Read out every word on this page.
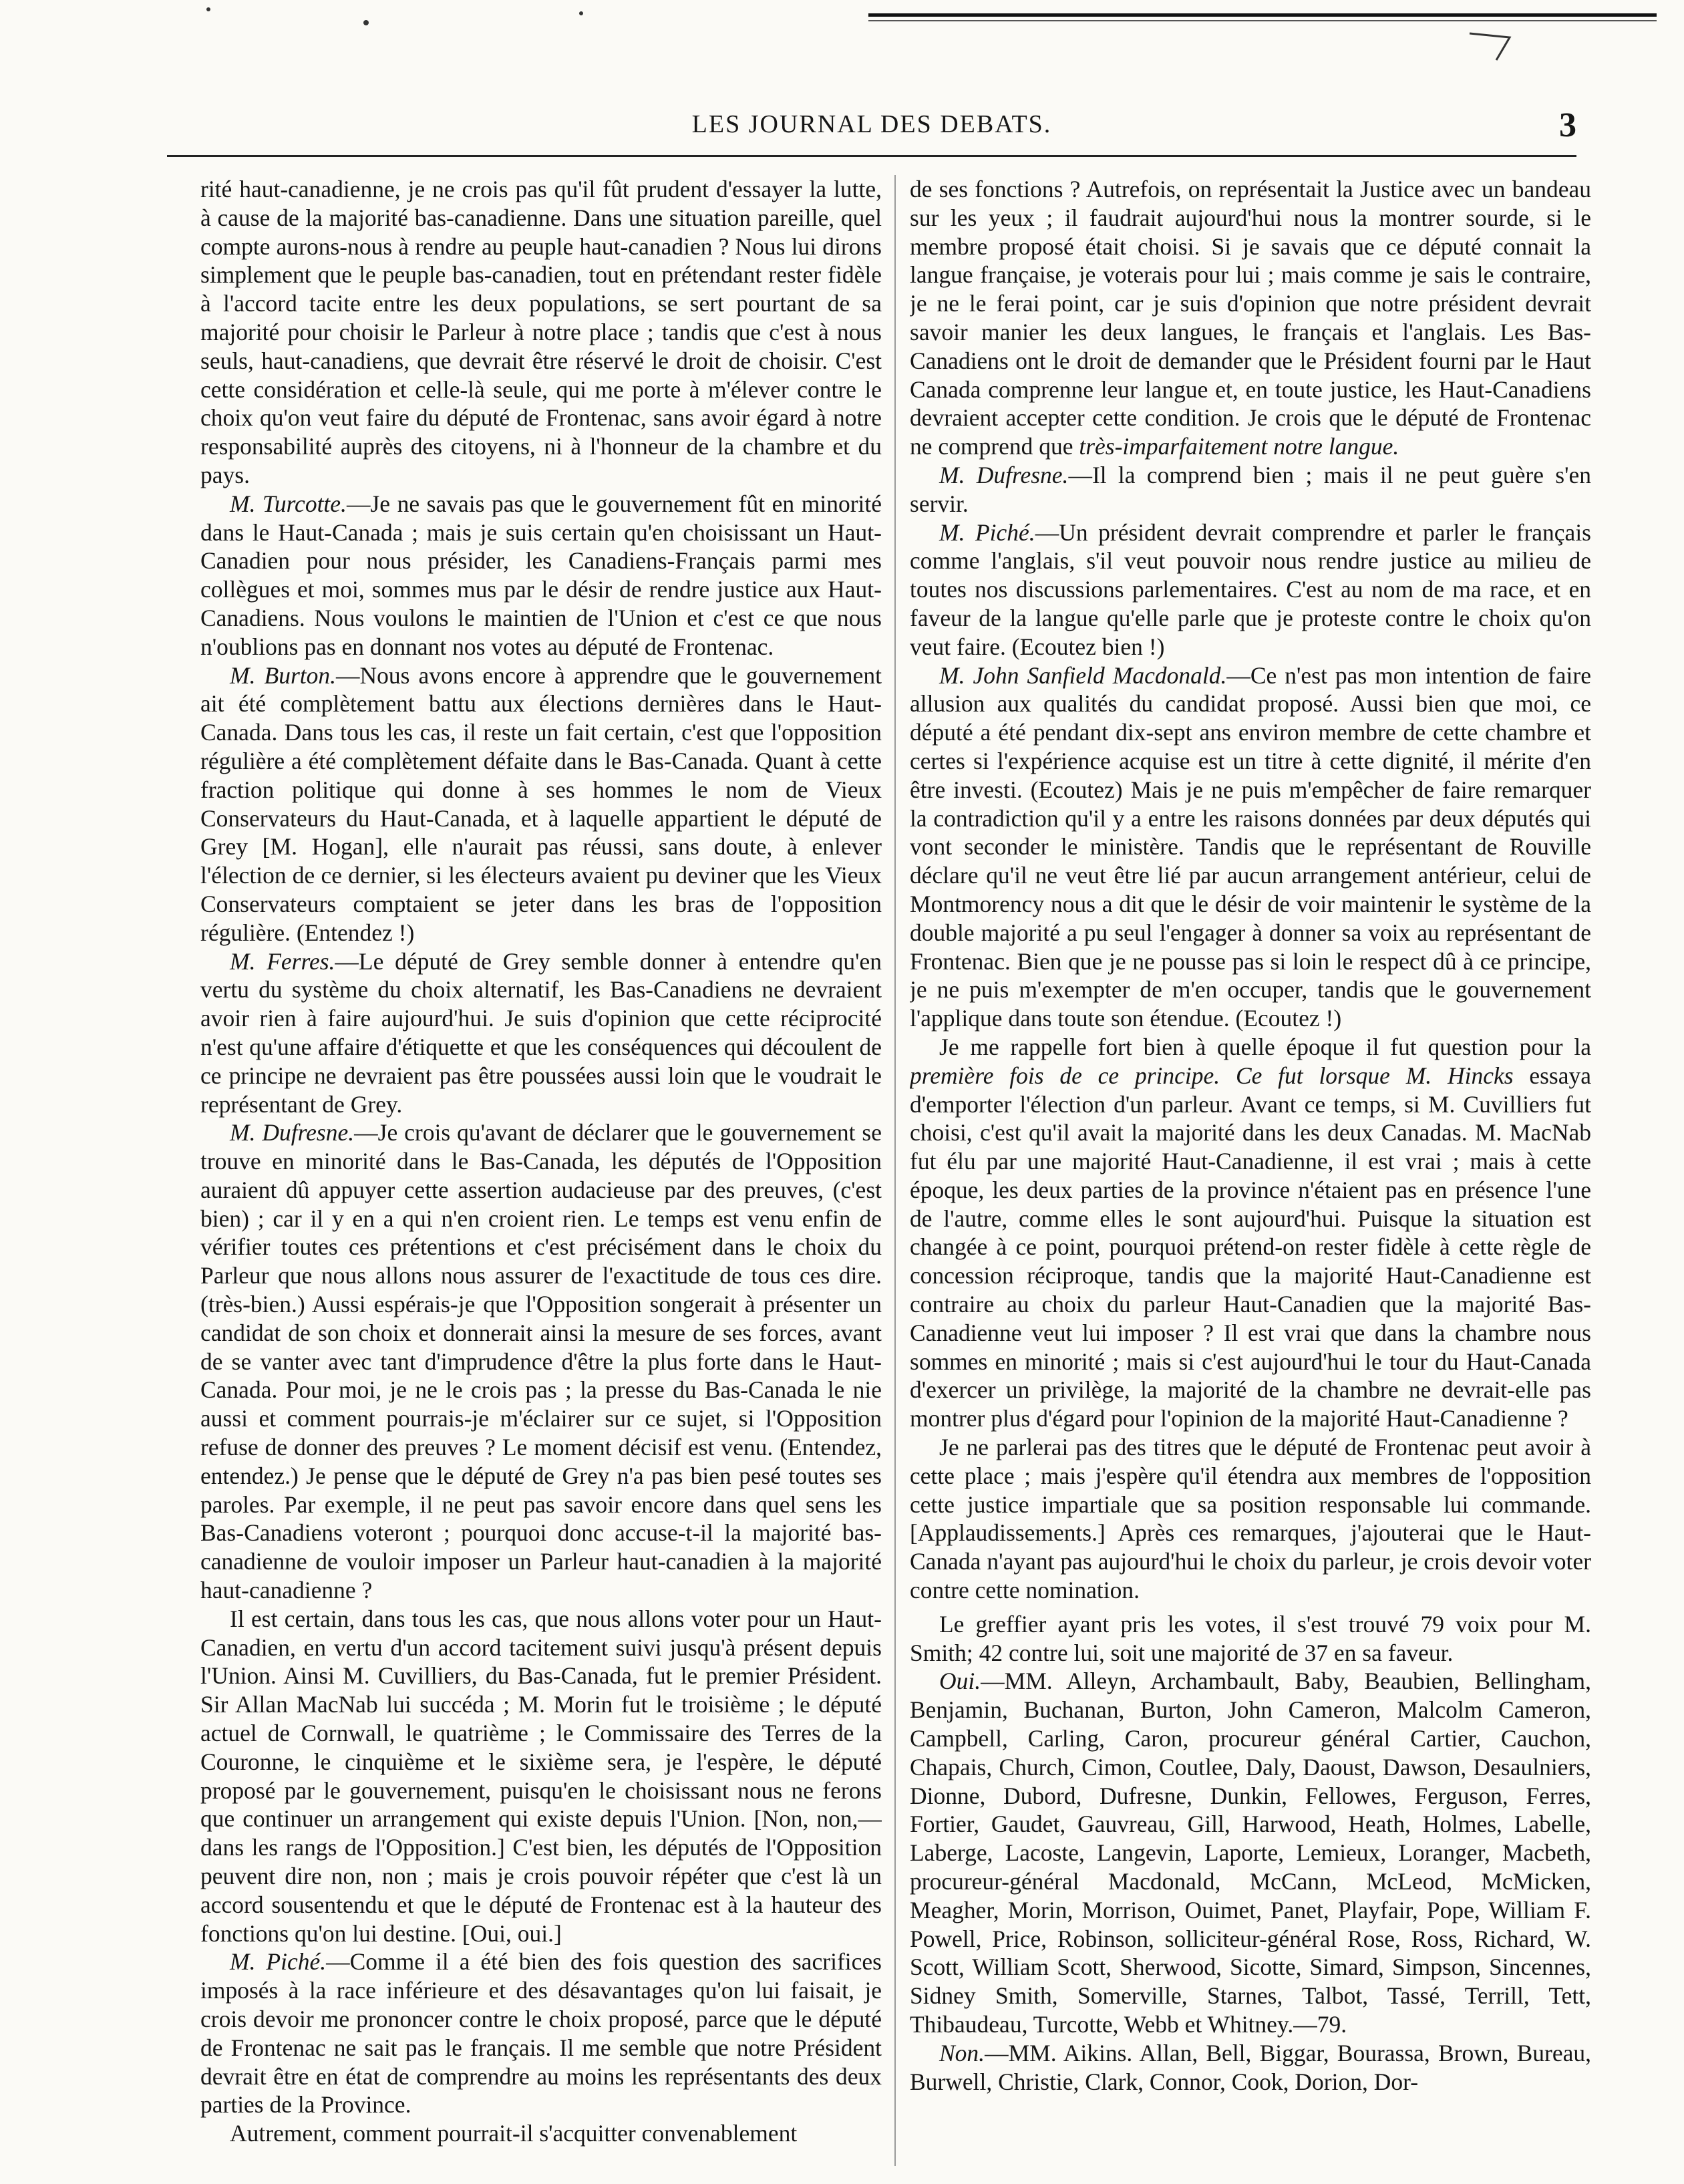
LES JOURNAL DES DEBATS.	3

rité haut-canadienne, je ne crois pas qu'il fût prudent d'essayer la lutte, à cause de la majorité bas-canadienne. Dans une situation pareille, quel compte aurons-nous à rendre au peuple haut-canadien ? Nous lui dirons simplement que le peuple bas-canadien, tout en prétendant rester fidèle à l'accord tacite entre les deux populations, se sert pourtant de sa majorité pour choisir le Parleur à notre place ; tandis que c'est à nous seuls, haut-canadiens, que devrait être réservé le droit de choisir. C'est cette considération et celle-là seule, qui me porte à m'élever contre le choix qu'on veut faire du député de Frontenac, sans avoir égard à notre responsabilité auprès des citoyens, ni à l'honneur de la chambre et du pays.

M. Turcotte.—Je ne savais pas que le gouvernement fût en minorité dans le Haut-Canada ; mais je suis certain qu'en choisissant un Haut-Canadien pour nous présider, les Canadiens-Français parmi mes collègues et moi, sommes mus par le désir de rendre justice aux Haut-Canadiens. Nous voulons le maintien de l'Union et c'est ce que nous n'oublions pas en donnant nos votes au député de Frontenac.

M. Burton.—Nous avons encore à apprendre que le gouvernement ait été complètement battu aux élections dernières dans le Haut-Canada. Dans tous les cas, il reste un fait certain, c'est que l'opposition régulière a été complètement défaite dans le Bas-Canada. Quant à cette fraction politique qui donne à ses hommes le nom de Vieux Conservateurs du Haut-Canada, et à laquelle appartient le député de Grey [M. Hogan], elle n'aurait pas réussi, sans doute, à enlever l'élection de ce dernier, si les électeurs avaient pu deviner que les Vieux Conservateurs comptaient se jeter dans les bras de l'opposition régulière. (Entendez !)

M. Ferres.—Le député de Grey semble donner à entendre qu'en vertu du système du choix alternatif, les Bas-Canadiens ne devraient avoir rien à faire aujourd'hui. Je suis d'opinion que cette réciprocité n'est qu'une affaire d'étiquette et que les conséquences qui découlent de ce principe ne devraient pas être poussées aussi loin que le voudrait le représentant de Grey.

M. Dufresne.—Je crois qu'avant de déclarer que le gouvernement se trouve en minorité dans le Bas-Canada, les députés de l'Opposition auraient dû appuyer cette assertion audacieuse par des preuves, (c'est bien) ; car il y en a qui n'en croient rien. Le temps est venu enfin de vérifier toutes ces prétentions et c'est précisément dans le choix du Parleur que nous allons nous assurer de l'exactitude de tous ces dire. (très-bien.) Aussi espérais-je que l'Opposition songerait à présenter un candidat de son choix et donnerait ainsi la mesure de ses forces, avant de se vanter avec tant d'imprudence d'être la plus forte dans le Haut-Canada. Pour moi, je ne le crois pas ; la presse du Bas-Canada le nie aussi et comment pourrais-je m'éclairer sur ce sujet, si l'Opposition refuse de donner des preuves ? Le moment décisif est venu. (Entendez, entendez.) Je pense que le député de Grey n'a pas bien pesé toutes ses paroles. Par exemple, il ne peut pas savoir encore dans quel sens les Bas-Canadiens voteront ; pourquoi donc accuse-t-il la majorité bas-canadienne de vouloir imposer un Parleur haut-canadien à la majorité haut-canadienne ?

Il est certain, dans tous les cas, que nous allons voter pour un Haut-Canadien, en vertu d'un accord tacitement suivi jusqu'à présent depuis l'Union. Ainsi M. Cuvilliers, du Bas-Canada, fut le premier Président. Sir Allan MacNab lui succéda ; M. Morin fut le troisième ; le député actuel de Cornwall, le quatrième ; le Commissaire des Terres de la Couronne, le cinquième et le sixième sera, je l'espère, le député proposé par le gouvernement, puisqu'en le choisissant nous ne ferons que continuer un arrangement qui existe depuis l'Union. [Non, non,—dans les rangs de l'Opposition.] C'est bien, les députés de l'Opposition peuvent dire non, non ; mais je crois pouvoir répéter que c'est là un accord sousentendu et que le député de Frontenac est à la hauteur des fonctions qu'on lui destine. [Oui, oui.]

M. Piché.—Comme il a été bien des fois question des sacrifices imposés à la race inférieure et des désavantages qu'on lui faisait, je crois devoir me prononcer contre le choix proposé, parce que le député de Frontenac ne sait pas le français. Il me semble que notre Président devrait être en état de comprendre au moins les représentants des deux parties de la Province.

Autrement, comment pourrait-il s'acquitter convenablement

de ses fonctions ? Autrefois, on représentait la Justice avec un bandeau sur les yeux ; il faudrait aujourd'hui nous la montrer sourde, si le membre proposé était choisi. Si je savais que ce député connait la langue française, je voterais pour lui ; mais comme je sais le contraire, je ne le ferai point, car je suis d'opinion que notre président devrait savoir manier les deux langues, le français et l'anglais. Les Bas-Canadiens ont le droit de demander que le Président fourni par le Haut Canada comprenne leur langue et, en toute justice, les Haut-Canadiens devraient accepter cette condition. Je crois que le député de Frontenac ne comprend que très-imparfaitement notre langue.

M. Dufresne.—Il la comprend bien ; mais il ne peut guère s'en servir.

M. Piché.—Un président devrait comprendre et parler le français comme l'anglais, s'il veut pouvoir nous rendre justice au milieu de toutes nos discussions parlementaires. C'est au nom de ma race, et en faveur de la langue qu'elle parle que je proteste contre le choix qu'on veut faire. (Ecoutez bien !)

M. John Sanfield Macdonald.—Ce n'est pas mon intention de faire allusion aux qualités du candidat proposé. Aussi bien que moi, ce député a été pendant dix-sept ans environ membre de cette chambre et certes si l'expérience acquise est un titre à cette dignité, il mérite d'en être investi. (Ecoutez) Mais je ne puis m'empêcher de faire remarquer la contradiction qu'il y a entre les raisons données par deux députés qui vont seconder le ministère. Tandis que le représentant de Rouville déclare qu'il ne veut être lié par aucun arrangement antérieur, celui de Montmorency nous a dit que le désir de voir maintenir le système de la double majorité a pu seul l'engager à donner sa voix au représentant de Frontenac. Bien que je ne pousse pas si loin le respect dû à ce principe, je ne puis m'exempter de m'en occuper, tandis que le gouvernement l'applique dans toute son étendue. (Ecoutez !)

Je me rappelle fort bien à quelle époque il fut question pour la première fois de ce principe. Ce fut lorsque M. Hincks essaya d'emporter l'élection d'un parleur. Avant ce temps, si M. Cuvilliers fut choisi, c'est qu'il avait la majorité dans les deux Canadas. M. MacNab fut élu par une majorité Haut-Canadienne, il est vrai ; mais à cette époque, les deux parties de la province n'étaient pas en présence l'une de l'autre, comme elles le sont aujourd'hui. Puisque la situation est changée à ce point, pourquoi prétend-on rester fidèle à cette règle de concession réciproque, tandis que la majorité Haut-Canadienne est contraire au choix du parleur Haut-Canadien que la majorité Bas-Canadienne veut lui imposer ? Il est vrai que dans la chambre nous sommes en minorité ; mais si c'est aujourd'hui le tour du Haut-Canada d'exercer un privilège, la majorité de la chambre ne devrait-elle pas montrer plus d'égard pour l'opinion de la majorité Haut-Canadienne ?

Je ne parlerai pas des titres que le député de Frontenac peut avoir à cette place ; mais j'espère qu'il étendra aux membres de l'opposition cette justice impartiale que sa position responsable lui commande. [Applaudissements.] Après ces remarques, j'ajouterai que le Haut-Canada n'ayant pas aujourd'hui le choix du parleur, je crois devoir voter contre cette nomination.

Le greffier ayant pris les votes, il s'est trouvé 79 voix pour M. Smith; 42 contre lui, soit une majorité de 37 en sa faveur.

Oui.—MM. Alleyn, Archambault, Baby, Beaubien, Bellingham, Benjamin, Buchanan, Burton, John Cameron, Malcolm Cameron, Campbell, Carling, Caron, procureur général Cartier, Cauchon, Chapais, Church, Cimon, Coutlee, Daly, Daoust, Dawson, Desaulniers, Dionne, Dubord, Dufresne, Dunkin, Fellowes, Ferguson, Ferres, Fortier, Gaudet, Gauvreau, Gill, Harwood, Heath, Holmes, Labelle, Laberge, Lacoste, Langevin, Laporte, Lemieux, Loranger, Macbeth, procureur-général Macdonald, McCann, McLeod, McMicken, Meagher, Morin, Morrison, Ouimet, Panet, Playfair, Pope, William F. Powell, Price, Robinson, solliciteur-général Rose, Ross, Richard, W. Scott, William Scott, Sherwood, Sicotte, Simard, Simpson, Sincennes, Sidney Smith, Somerville, Starnes, Talbot, Tassé, Terrill, Tett, Thibaudeau, Turcotte, Webb et Whitney.—79.

Non.—MM. Aikins. Allan, Bell, Biggar, Bourassa, Brown, Bureau, Burwell, Christie, Clark, Connor, Cook, Dorion, Dor-
